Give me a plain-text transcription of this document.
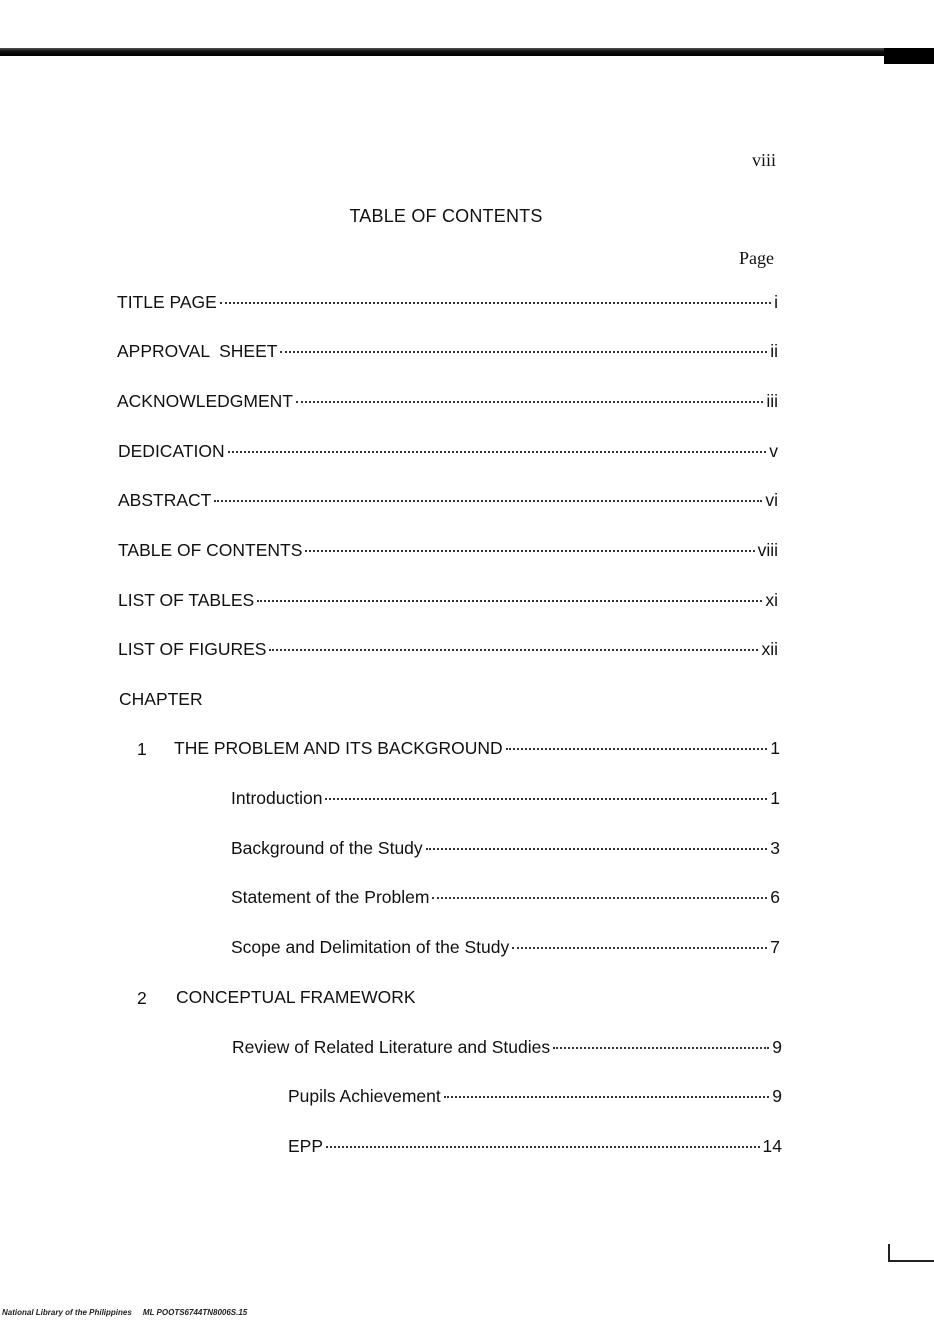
viii
TABLE OF CONTENTS
Page
TITLE PAGE	i
APPROVAL  SHEET	ii
ACKNOWLEDGMENT	iii
DEDICATION	v
ABSTRACT	vi
TABLE OF CONTENTS	viii
LIST OF TABLES	xi
LIST OF FIGURES	xii
CHAPTER
1 THE PROBLEM AND ITS BACKGROUND	1
Introduction	1
Background of the Study	3
Statement of the Problem	6
Scope and Delimitation of the Study	7
2 CONCEPTUAL FRAMEWORK
Review of Related Literature and Studies	9
Pupils Achievement	9
EPP	14
National Library of the Philippines     ML POOTS6744TN8006S.15
